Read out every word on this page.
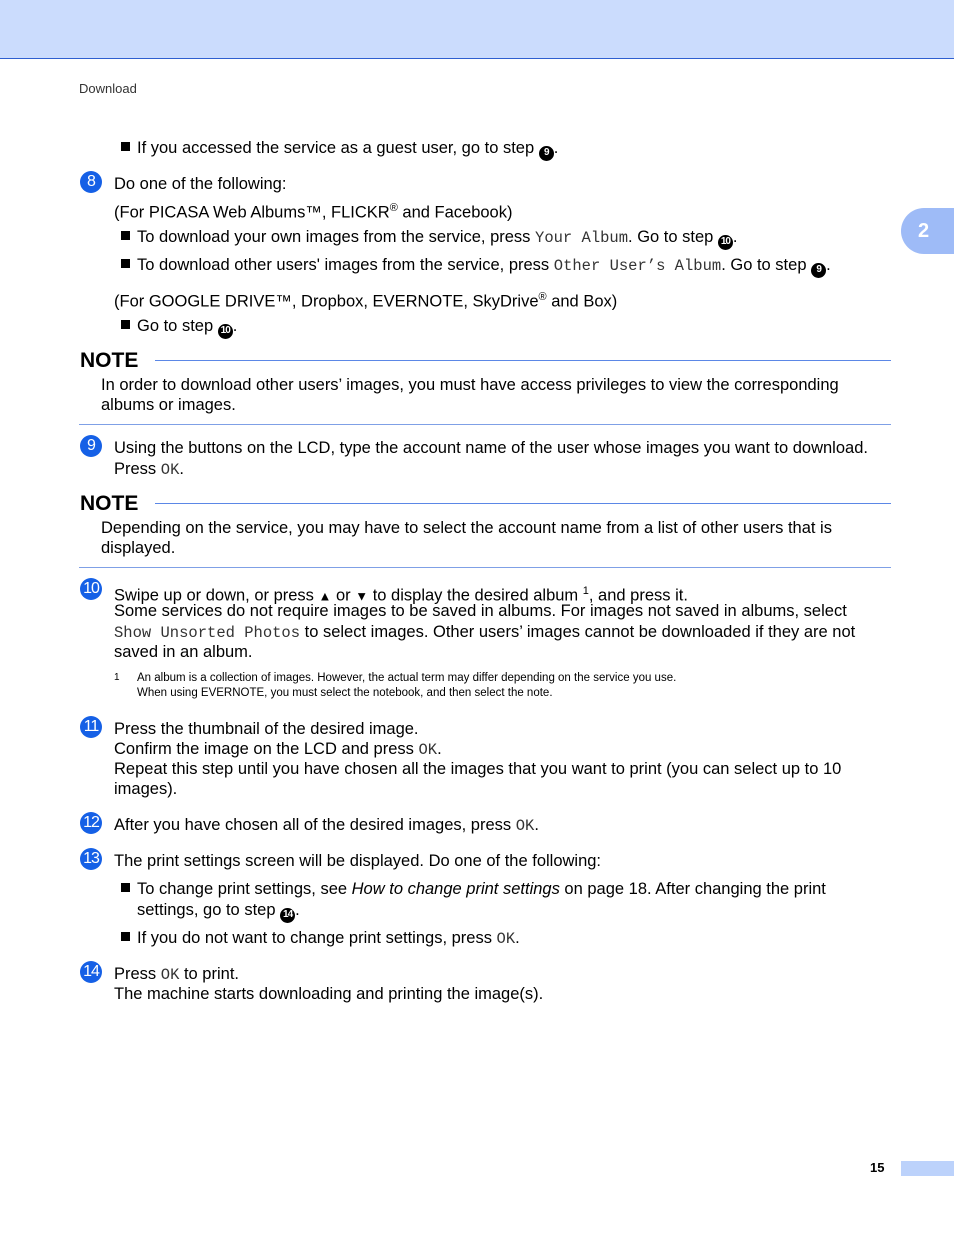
Download
2
If you accessed the service as a guest user, go to step 9 .
8	Do one of the following:
(For PICASA Web Albums™, FLICKR® and Facebook)
To download your own images from the service, press Your Album. Go to step 10 .
To download other users' images from the service, press Other User’s Album. Go to step 9 .
(For GOOGLE DRIVE™, Dropbox, EVERNOTE, SkyDrive® and Box)
Go to step 10 .
NOTE
In order to download other users’ images, you must have access privileges to view the corresponding
albums or images.
9	Using the buttons on the LCD, type the account name of the user whose images you want to download.
Press OK.
NOTE
Depending on the service, you may have to select the account name from a list of other users that is
displayed.
10 Swipe up or down, or press ▲ or ▼ to display the desired album $^1$, and press it.
Some services do not require images to be saved in albums. For images not saved in albums, select
Show Unsorted Photos to select images. Other users’ images cannot be downloaded if they are not
saved in an album.
1 An album is a collection of images. However, the actual term may differ depending on the service you use.
When using EVERNOTE, you must select the notebook, and then select the note.
11 Press the thumbnail of the desired image.
Confirm the image on the LCD and press OK.
Repeat this step until you have chosen all the images that you want to print (you can select up to 10
images).
12 After you have chosen all of the desired images, press OK.
13 The print settings screen will be displayed. Do one of the following:
To change print settings, see How to change print settings on page 18. After changing the print
settings, go to step 14 .
If you do not want to change print settings, press OK.
14 Press OK to print.
The machine starts downloading and printing the image(s).
15
